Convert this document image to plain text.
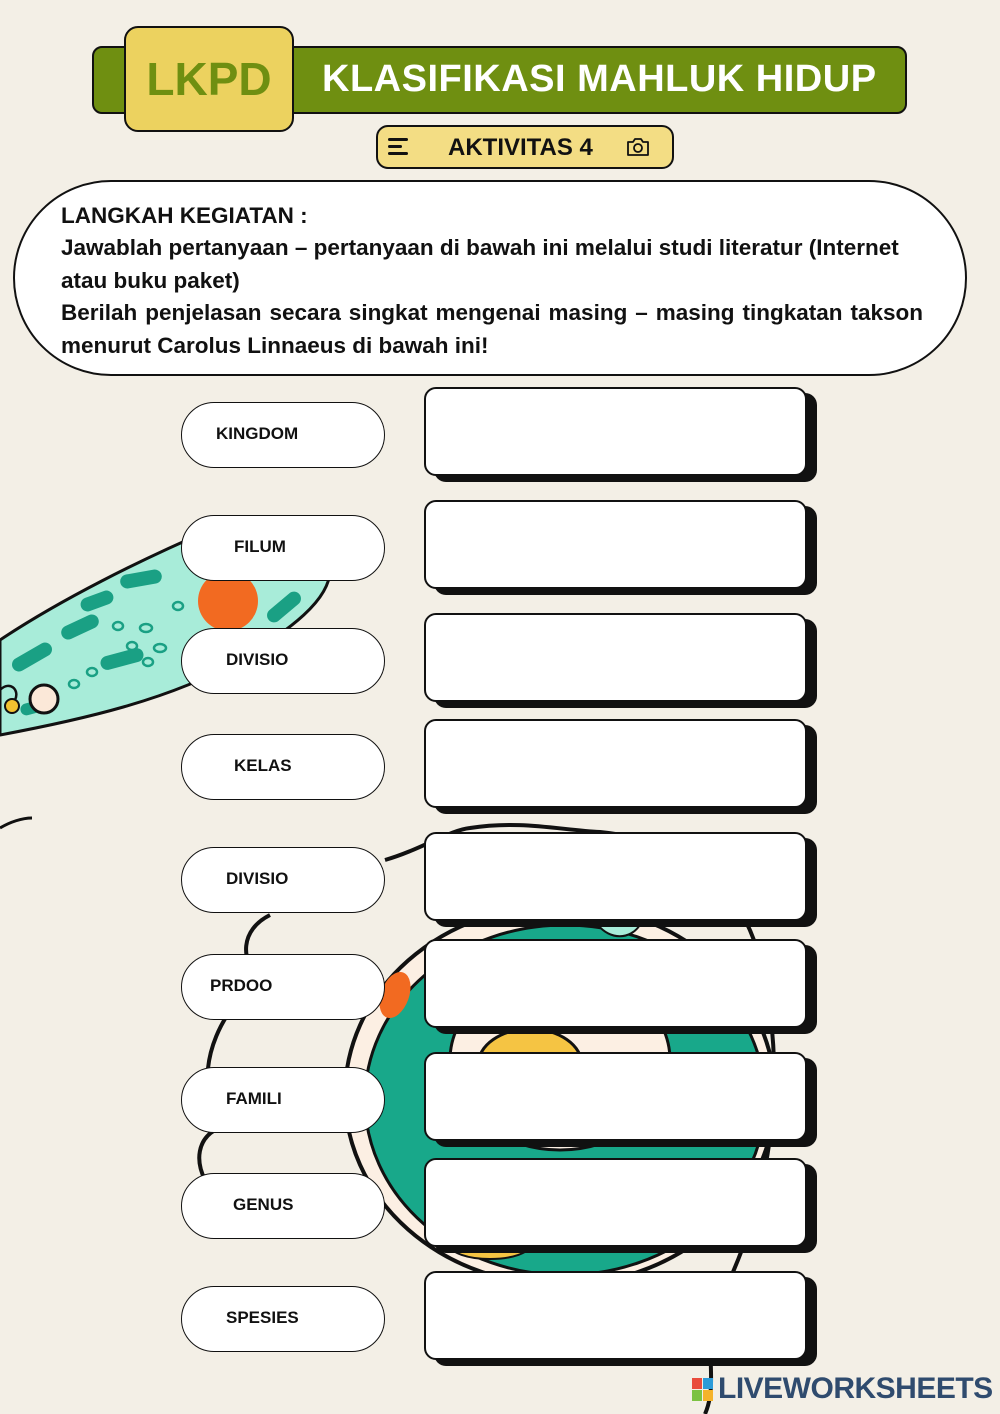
KLASIFIKASI MAHLUK HIDUP
LKPD
AKTIVITAS 4

LANGKAH KEGIATAN :

Jawablah pertanyaan – pertanyaan di bawah ini melalui studi literatur (Internet atau buku paket)

Berilah penjelasan secara singkat mengenai masing – masing tingkatan takson menurut Carolus Linnaeus di bawah ini!

KINGDOM
FILUM
DIVISIO
KELAS
DIVISIO
PRDOO
FAMILI
GENUS
SPESIES
LIVEWORKSHEETS
